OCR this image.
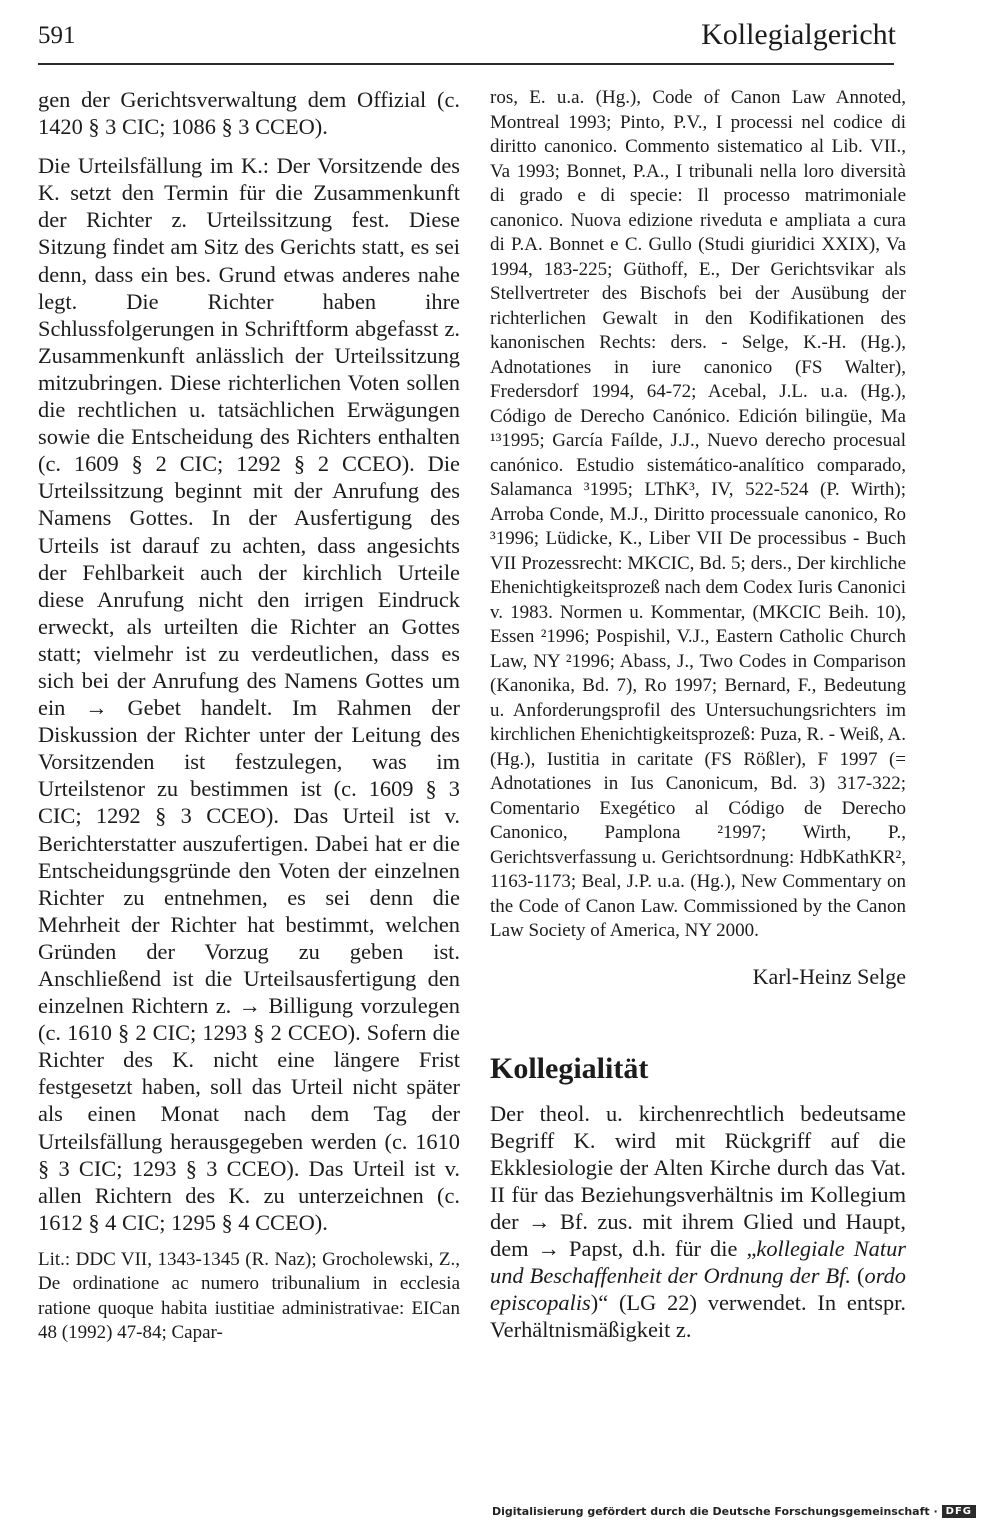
591	Kollegialgericht

gen der Gerichtsverwaltung dem Offizial (c. 1420 § 3 CIC; 1086 § 3 CCEO).

Die Urteilsfällung im K.: Der Vorsitzende des K. setzt den Termin für die Zusammenkunft der Richter z. Urteilssitzung fest. Diese Sitzung findet am Sitz des Gerichts statt, es sei denn, dass ein bes. Grund etwas anderes nahe legt. Die Richter haben ihre Schlussfolgerungen in Schriftform abgefasst z. Zusammenkunft anlässlich der Urteilssitzung mitzubringen. Diese richterlichen Voten sollen die rechtlichen u. tatsächlichen Erwägungen sowie die Entscheidung des Richters enthalten (c. 1609 § 2 CIC; 1292 § 2 CCEO). Die Urteilssitzung beginnt mit der Anrufung des Namens Gottes. In der Ausfertigung des Urteils ist darauf zu achten, dass angesichts der Fehlbarkeit auch der kirchlich Urteile diese Anrufung nicht den irrigen Eindruck erweckt, als urteilten die Richter an Gottes statt; vielmehr ist zu verdeutlichen, dass es sich bei der Anrufung des Namens Gottes um ein → Gebet handelt. Im Rahmen der Diskussion der Richter unter der Leitung des Vorsitzenden ist festzulegen, was im Urteilstenor zu bestimmen ist (c. 1609 § 3 CIC; 1292 § 3 CCEO). Das Urteil ist v. Berichterstatter auszufertigen. Dabei hat er die Entscheidungsgründe den Voten der einzelnen Richter zu entnehmen, es sei denn die Mehrheit der Richter hat bestimmt, welchen Gründen der Vorzug zu geben ist. Anschließend ist die Urteilsausfertigung den einzelnen Richtern z. → Billigung vorzulegen (c. 1610 § 2 CIC; 1293 § 2 CCEO). Sofern die Richter des K. nicht eine längere Frist festgesetzt haben, soll das Urteil nicht später als einen Monat nach dem Tag der Urteilsfällung herausgegeben werden (c. 1610 § 3 CIC; 1293 § 3 CCEO). Das Urteil ist v. allen Richtern des K. zu unterzeichnen (c. 1612 § 4 CIC; 1295 § 4 CCEO).

Lit.: DDC VII, 1343-1345 (R. Naz); Grocholewski, Z., De ordinatione ac numero tribunalium in ecclesia ratione quoque habita iustitiae administrativae: EICan 48 (1992) 47-84; Capar-

ros, E. u.a. (Hg.), Code of Canon Law Annoted, Montreal 1993; Pinto, P.V., I processi nel codice di diritto canonico. Commento sistematico al Lib. VII., Va 1993; Bonnet, P.A., I tribunali nella loro diversità di grado e di specie: Il processo matrimoniale canonico. Nuova edizione riveduta e ampliata a cura di P.A. Bonnet e C. Gullo (Studi giuridici XXIX), Va 1994, 183-225; Güthoff, E., Der Gerichtsvikar als Stellvertreter des Bischofs bei der Ausübung der richterlichen Gewalt in den Kodifikationen des kanonischen Rechts: ders. - Selge, K.-H. (Hg.), Adnotationes in iure canonico (FS Walter), Fredersdorf 1994, 64-72; Acebal, J.L. u.a. (Hg.), Código de Derecho Canónico. Edición bilingüe, Ma ¹³1995; García Faílde, J.J., Nuevo derecho procesual canónico. Estudio sistemático-analítico comparado, Salamanca ³1995; LThK³, IV, 522-524 (P. Wirth); Arroba Conde, M.J., Diritto processuale canonico, Ro ³1996; Lüdicke, K., Liber VII De processibus - Buch VII Prozessrecht: MKCIC, Bd. 5; ders., Der kirchliche Ehenichtigkeitsprozeß nach dem Codex Iuris Canonici v. 1983. Normen u. Kommentar, (MKCIC Beih. 10), Essen ²1996; Pospishil, V.J., Eastern Catholic Church Law, NY ²1996; Abass, J., Two Codes in Comparison (Kanonika, Bd. 7), Ro 1997; Bernard, F., Bedeutung u. Anforderungsprofil des Untersuchungsrichters im kirchlichen Ehenichtigkeitsprozeß: Puza, R. - Weiß, A. (Hg.), Iustitia in caritate (FS Rößler), F 1997 (= Adnotationes in Ius Canonicum, Bd. 3) 317-322; Comentario Exegético al Código de Derecho Canonico, Pamplona ²1997; Wirth, P., Gerichtsverfassung u. Gerichtsordnung: HdbKathKR², 1163-1173; Beal, J.P. u.a. (Hg.), New Commentary on the Code of Canon Law. Commissioned by the Canon Law Society of America, NY 2000.

Karl-Heinz Selge
Kollegialität

Der theol. u. kirchenrechtlich bedeutsame Begriff K. wird mit Rückgriff auf die Ekklesiologie der Alten Kirche durch das Vat. II für das Beziehungsverhältnis im Kollegium der → Bf. zus. mit ihrem Glied und Haupt, dem → Papst, d.h. für die „kollegiale Natur und Beschaffenheit der Ordnung der Bf. (ordo episcopalis)“ (LG 22) verwendet. In entspr. Verhältnismäßigkeit z.

Digitalisierung gefördert durch die Deutsche Forschungsgemeinschaft · DFG
